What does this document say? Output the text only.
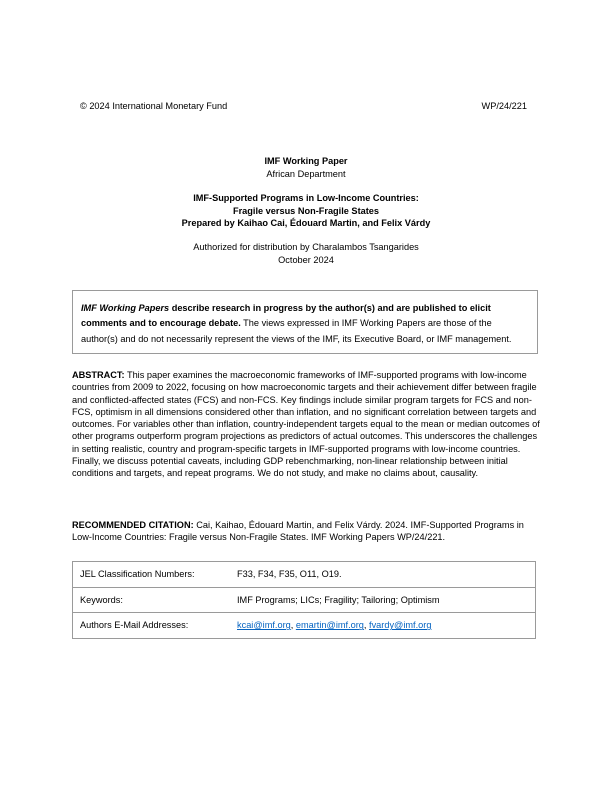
© 2024 International Monetary Fund	WP/24/221
IMF Working Paper
African Department
IMF-Supported Programs in Low-Income Countries:
Fragile versus Non-Fragile States
Prepared by Kaihao Cai, Édouard Martin, and Felix Várdy
Authorized for distribution by Charalambos Tsangarides
October 2024
IMF Working Papers describe research in progress by the author(s) and are published to elicit comments and to encourage debate. The views expressed in IMF Working Papers are those of the author(s) and do not necessarily represent the views of the IMF, its Executive Board, or IMF management.
ABSTRACT: This paper examines the macroeconomic frameworks of IMF-supported programs with low-income countries from 2009 to 2022, focusing on how macroeconomic targets and their achievement differ between fragile and conflicted-affected states (FCS) and non-FCS. Key findings include similar program targets for FCS and non-FCS, optimism in all dimensions considered other than inflation, and no significant correlation between targets and outcomes. For variables other than inflation, country-independent targets equal to the mean or median outcomes of other programs outperform program projections as predictors of actual outcomes. This underscores the challenges in setting realistic, country and program-specific targets in IMF-supported programs with low-income countries. Finally, we discuss potential caveats, including GDP rebenchmarking, non-linear relationship between initial conditions and targets, and repeat programs. We do not study, and make no claims about, causality.
RECOMMENDED CITATION: Cai, Kaihao, Édouard Martin, and Felix Várdy. 2024. IMF-Supported Programs in Low-Income Countries: Fragile versus Non-Fragile States. IMF Working Papers WP/24/221.
JEL Classification Numbers:	F33, F34, F35, O11, O19.
Keywords:	IMF Programs; LICs; Fragility; Tailoring; Optimism
Authors E-Mail Addresses:	kcai@imf.org, emartin@imf.org, fvardy@imf.org
